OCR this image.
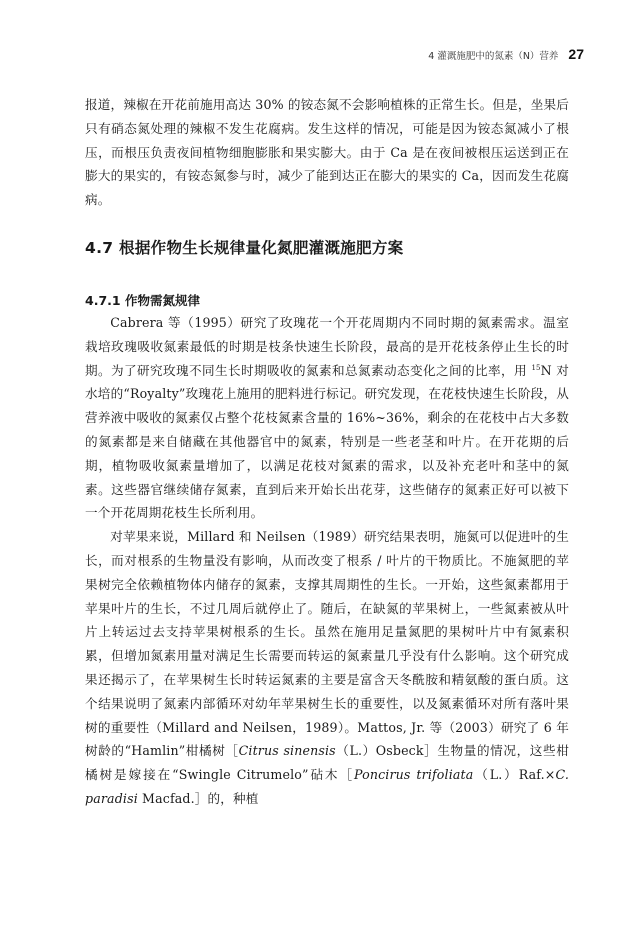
4 灌溉施肥中的氮素（N）营养 27

报道，辣椒在开花前施用高达 30% 的铵态氮不会影响植株的正常生长。但是，坐果后只有硝态氮处理的辣椒不发生花腐病。发生这样的情况，可能是因为铵态氮减小了根压，而根压负责夜间植物细胞膨胀和果实膨大。由于 Ca 是在夜间被根压运送到正在膨大的果实的，有铵态氮参与时，减少了能到达正在膨大的果实的 Ca，因而发生花腐病。

4.7 根据作物生长规律量化氮肥灌溉施肥方案
4.7.1 作物需氮规律

Cabrera 等（1995）研究了玫瑰花一个开花周期内不同时期的氮素需求。温室栽培玫瑰吸收氮素最低的时期是枝条快速生长阶段，最高的是开花枝条停止生长的时期。为了研究玫瑰不同生长时期吸收的氮素和总氮素动态变化之间的比率，用 $^{15}$N 对水培的“Royalty”玫瑰花上施用的肥料进行标记。研究发现，在花枝快速生长阶段，从营养液中吸收的氮素仅占整个花枝氮素含量的 16%~36%，剩余的在花枝中占大多数的氮素都是来自储藏在其他器官中的氮素，特别是一些老茎和叶片。在开花期的后期，植物吸收氮素量增加了，以满足花枝对氮素的需求，以及补充老叶和茎中的氮素。这些器官继续储存氮素，直到后来开始长出花芽，这些储存的氮素正好可以被下一个开花周期花枝生长所利用。

对苹果来说，Millard 和 Neilsen（1989）研究结果表明，施氮可以促进叶的生长，而对根系的生物量没有影响，从而改变了根系 / 叶片的干物质比。不施氮肥的苹果树完全依赖植物体内储存的氮素，支撑其周期性的生长。一开始，这些氮素都用于苹果叶片的生长，不过几周后就停止了。随后，在缺氮的苹果树上，一些氮素被从叶片上转运过去支持苹果树根系的生长。虽然在施用足量氮肥的果树叶片中有氮素积累，但增加氮素用量对满足生长需要而转运的氮素量几乎没有什么影响。这个研究成果还揭示了，在苹果树生长时转运氮素的主要是富含天冬酰胺和精氨酸的蛋白质。这个结果说明了氮素内部循环对幼年苹果树生长的重要性，以及氮素循环对所有落叶果树的重要性（Millard and Neilsen，1989）。Mattos, Jr. 等（2003）研究了 6 年树龄的“Hamlin”柑橘树［Citrus sinensis（L.）Osbeck］生物量的情况，这些柑橘树是嫁接在“Swingle Citrumelo”砧木［Poncirus trifoliata（L.）Raf.×C. paradisi Macfad.］的，种植
